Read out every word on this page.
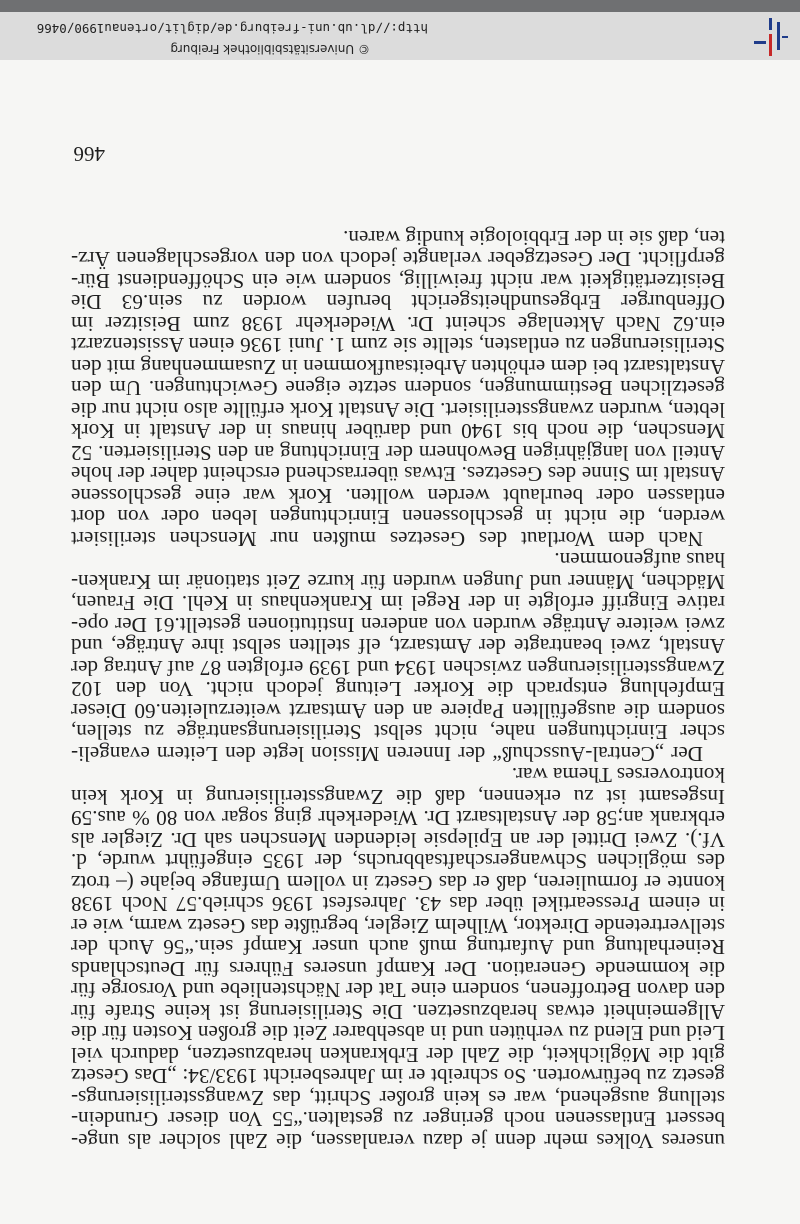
unseres Volkes mehr denn je dazu veranlassen, die Zahl solcher als ungebessert Entlassenen noch geringer zu gestalten.“55 Von dieser Grundeinstellung ausgehend, war es kein großer Schritt, das Zwangssterilisierungsgesetz zu befürworten. So schreibt er im Jahresbericht 1933/34: „Das Gesetz gibt die Möglichkeit, die Zahl der Erbkranken herabzusetzen, dadurch viel Leid und Elend zu verhüten und in absehbarer Zeit die großen Kosten für die Allgemeinheit etwas herabzusetzen. Die Sterilisierung ist keine Strafe für den davon Betroffenen, sondern eine Tat der Nächstenliebe und Vorsorge für die kommende Generation. Der Kampf unseres Führers für Deutschlands Reinerhaltung und Aufartung muß auch unser Kampf sein.“56 Auch der stellvertretende Direktor, Wilhelm Ziegler, begrüßte das Gesetz warm, wie er in einem Presseartikel über das 43. Jahresfest 1936 schrieb.57 Noch 1938 konnte er formulieren, daß er das Gesetz in vollem Umfange bejahe (– trotz des möglichen Schwangerschaftsabbruchs, der 1935 eingeführt wurde, d. Vf.). Zwei Drittel der an Epilepsie leidenden Menschen sah Dr. Ziegler als erbkrank an;58 der Anstaltsarzt Dr. Wiederkehr ging sogar von 80 % aus.59 Insgesamt ist zu erkennen, daß die Zwangssterilisierung in Kork kein kontroverses Thema war.

Der „Central-Ausschuß“ der Inneren Mission legte den Leitern evangelischer Einrichtungen nahe, nicht selbst Sterilisierungsanträge zu stellen, sondern die ausgefüllten Papiere an den Amtsarzt weiterzuleiten.60 Dieser Empfehlung entsprach die Korker Leitung jedoch nicht. Von den 102 Zwangssterilisierungen zwischen 1934 und 1939 erfolgten 87 auf Antrag der Anstalt, zwei beantragte der Amtsarzt, elf stellten selbst ihre Anträge, und zwei weitere Anträge wurden von anderen Institutionen gestellt.61 Der operative Eingriff erfolgte in der Regel im Krankenhaus in Kehl. Die Frauen, Mädchen, Männer und Jungen wurden für kurze Zeit stationär im Krankenhaus aufgenommen.

Nach dem Wortlaut des Gesetzes mußten nur Menschen sterilisiert werden, die nicht in geschlossenen Einrichtungen leben oder von dort entlassen oder beurlaubt werden wollten. Kork war eine geschlossene Anstalt im Sinne des Gesetzes. Etwas überraschend erscheint daher der hohe Anteil von langjährigen Bewohnern der Einrichtung an den Sterilisierten. 52 Menschen, die noch bis 1940 und darüber hinaus in der Anstalt in Kork lebten, wurden zwangssterilisiert. Die Anstalt Kork erfüllte also nicht nur die gesetzlichen Bestimmungen, sondern setzte eigene Gewichtungen. Um den Anstaltsarzt bei dem erhöhten Arbeitsaufkommen in Zusammenhang mit den Sterilisierungen zu entlasten, stellte sie zum 1. Juni 1936 einen Assistenzarzt ein.62 Nach Aktenlage scheint Dr. Wiederkehr 1938 zum Beisitzer im Offenburger Erbgesundheitsgericht berufen worden zu sein.63 Die Beisitzertätigkeit war nicht freiwillig, sondern wie ein Schöffendienst Bürgerpflicht. Der Gesetzgeber verlangte jedoch von den vorgeschlagenen Ärzten, daß sie in der Erbbiologie kundig waren.

466
© Universitätsbibliothek Freiburg
http://dl.ub.uni-freiburg.de/diglit/ortenau1990/0466
